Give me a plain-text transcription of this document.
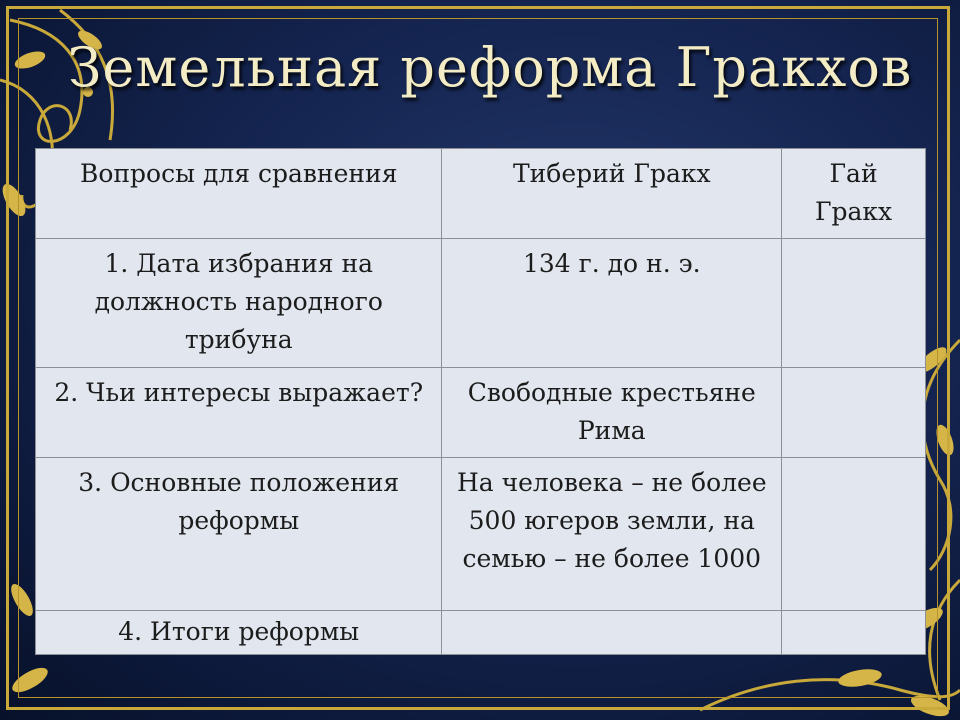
Земельная реформа Гракхов
Вопросы для сравнения	Тиберий Гракх	Гай Гракх
1. Дата избрания на должность народного трибуна	134 г. до н. э.	
2. Чьи интересы выражает?	Свободные крестьяне Рима	
3. Основные положения реформы	На человека – не более 500 югеров земли, на семью – не более 1000	
4. Итоги реформы		
